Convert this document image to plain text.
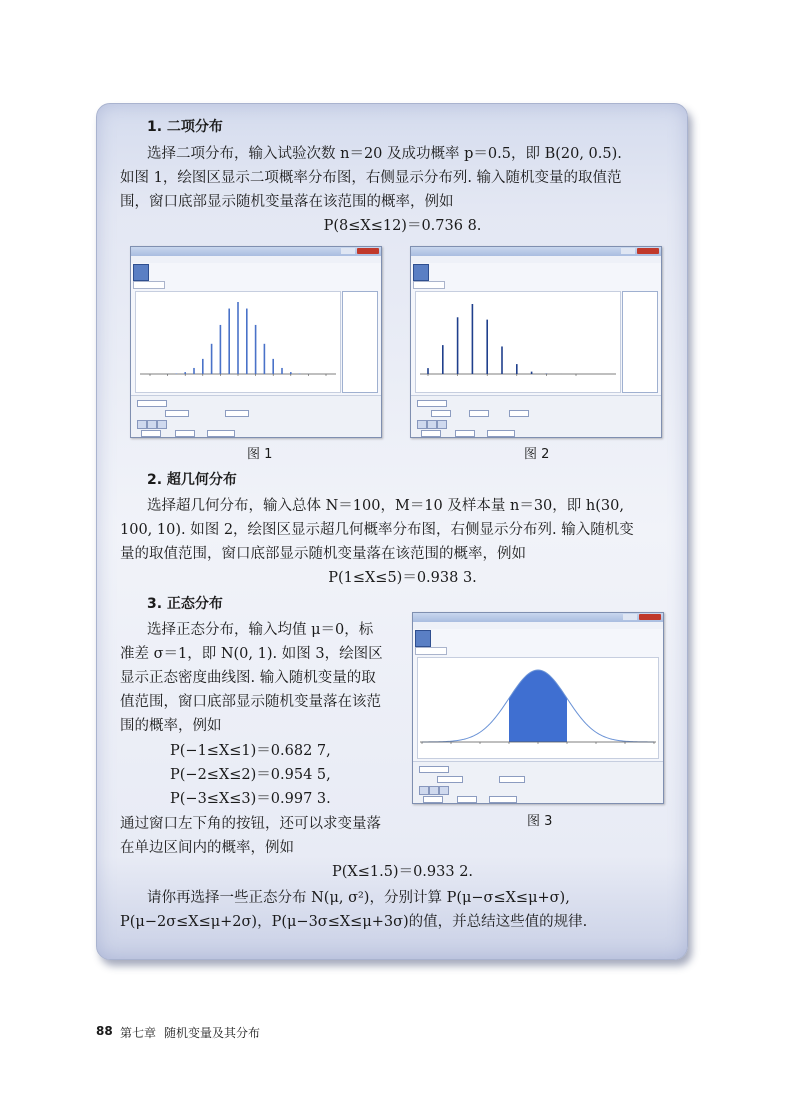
1. 二项分布
选择二项分布，输入试验次数 n＝20 及成功概率 p＝0.5，即 B(20, 0.5).
如图 1，绘图区显示二项概率分布图，右侧显示分布列. 输入随机变量的取值范
围，窗口底部显示随机变量落在该范围的概率，例如
P(8≤X≤12)＝0.736 8.
图 1	图 2
2. 超几何分布
选择超几何分布，输入总体 N＝100，M＝10 及样本量 n＝30，即 h(30,
100, 10). 如图 2，绘图区显示超几何概率分布图，右侧显示分布列. 输入随机变
量的取值范围，窗口底部显示随机变量落在该范围的概率，例如
P(1≤X≤5)＝0.938 3.
3. 正态分布
选择正态分布，输入均值 μ＝0，标
准差 σ＝1，即 N(0, 1). 如图 3，绘图区
显示正态密度曲线图. 输入随机变量的取
值范围，窗口底部显示随机变量落在该范
围的概率，例如
P(−1≤X≤1)＝0.682 7,
P(−2≤X≤2)＝0.954 5,
P(−3≤X≤3)＝0.997 3.
通过窗口左下角的按钮，还可以求变量落
在单边区间内的概率，例如
P(X≤1.5)＝0.933 2.
图 3
请你再选择一些正态分布 N(μ, σ²)，分别计算 P(μ−σ≤X≤μ+σ),
P(μ−2σ≤X≤μ+2σ)，P(μ−3σ≤X≤μ+3σ)的值，并总结这些值的规律.
88 第七章 随机变量及其分布
